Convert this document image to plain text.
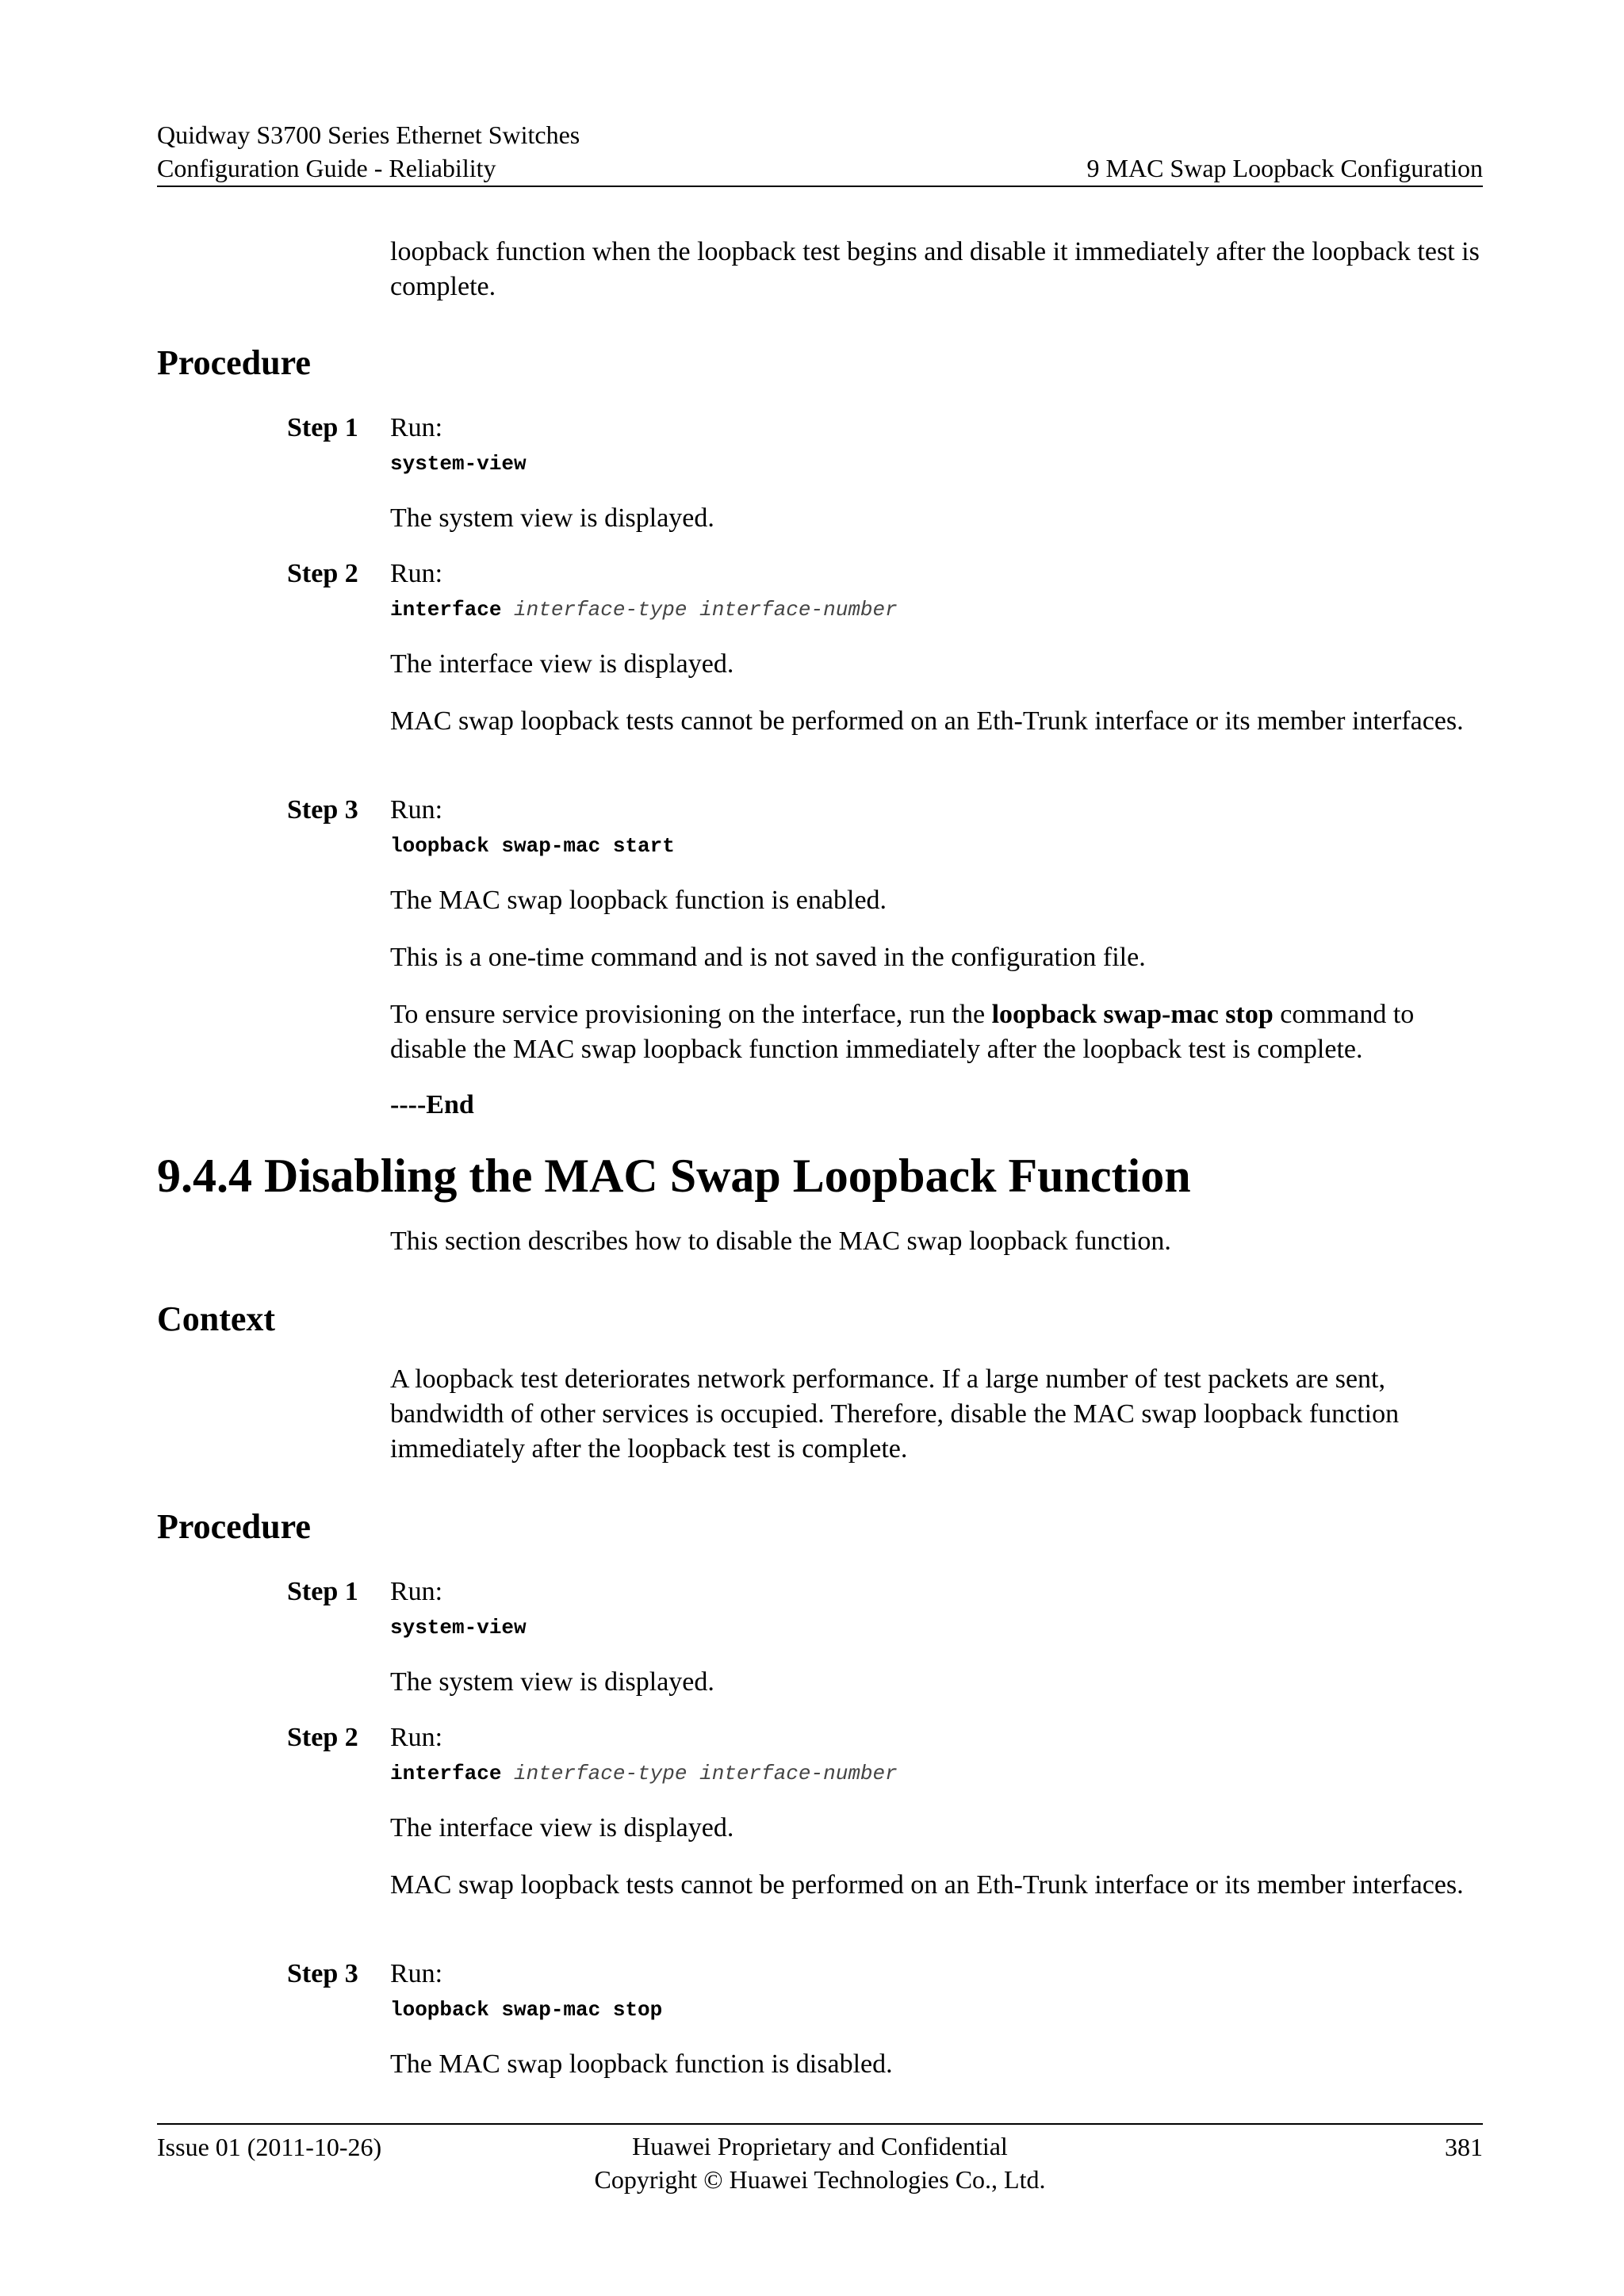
Quidway S3700 Series Ethernet Switches
Configuration Guide - Reliability	9 MAC Swap Loopback Configuration
loopback function when the loopback test begins and disable it immediately after the loopback test is complete.
Procedure
Step 1 Run:
system-view
The system view is displayed.
Step 2 Run:
interface interface-type interface-number
The interface view is displayed.
MAC swap loopback tests cannot be performed on an Eth-Trunk interface or its member interfaces.
Step 3 Run:
loopback swap-mac start
The MAC swap loopback function is enabled.
This is a one-time command and is not saved in the configuration file.
To ensure service provisioning on the interface, run the loopback swap-mac stop command to disable the MAC swap loopback function immediately after the loopback test is complete.
----End
9.4.4 Disabling the MAC Swap Loopback Function
This section describes how to disable the MAC swap loopback function.
Context
A loopback test deteriorates network performance. If a large number of test packets are sent, bandwidth of other services is occupied. Therefore, disable the MAC swap loopback function immediately after the loopback test is complete.
Procedure
Step 1 Run:
system-view
The system view is displayed.
Step 2 Run:
interface interface-type interface-number
The interface view is displayed.
MAC swap loopback tests cannot be performed on an Eth-Trunk interface or its member interfaces.
Step 3 Run:
loopback swap-mac stop
The MAC swap loopback function is disabled.
Issue 01 (2011-10-26)	Huawei Proprietary and Confidential
Copyright © Huawei Technologies Co., Ltd.
381
